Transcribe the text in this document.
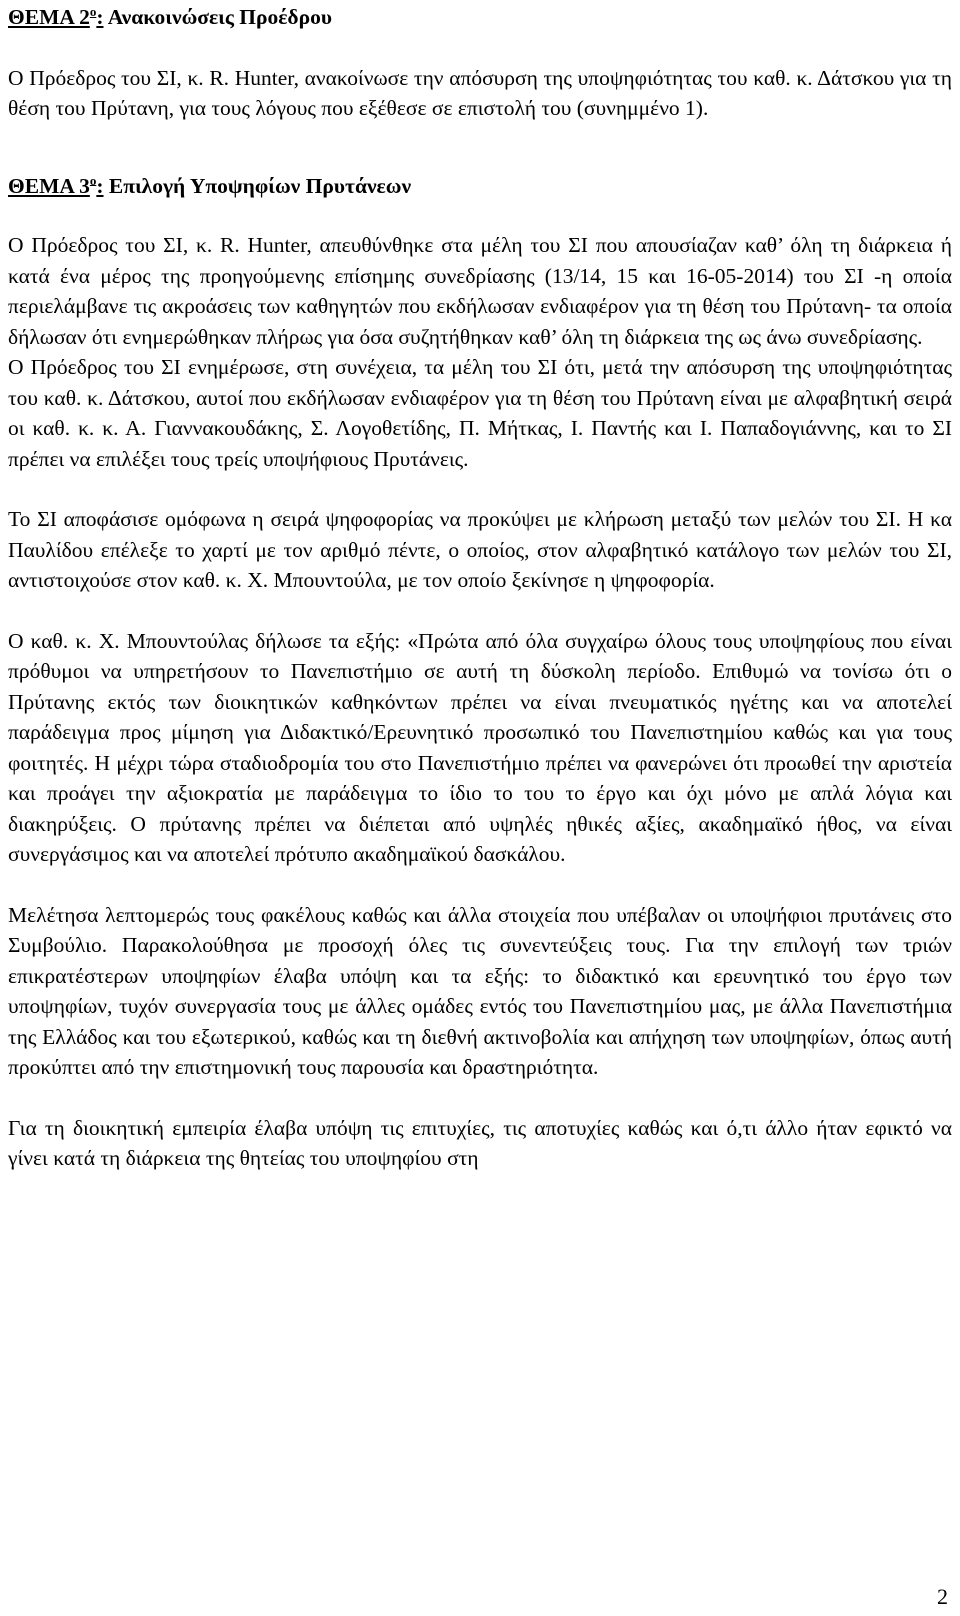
ΘΕΜΑ $2^o$: Ανακοινώσεις Προέδρου

Ο Πρόεδρος του ΣΙ, κ. R. Hunter, ανακοίνωσε την απόσυρση της υποψηφιότητας του καθ. κ. Δάτσκου για τη θέση του Πρύτανη, για τους λόγους που εξέθεσε σε επιστολή του (συνημμένο 1).

ΘΕΜΑ $3^o$: Επιλογή Υποψηφίων Πρυτάνεων

Ο Πρόεδρος του ΣΙ, κ. R. Hunter, απευθύνθηκε στα μέλη του ΣΙ που απουσίαζαν καθ’ όλη τη διάρκεια ή κατά ένα μέρος της προηγούμενης επίσημης συνεδρίασης (13/14, 15 και 16-05-2014) του ΣΙ -η οποία περιελάμβανε τις ακροάσεις των καθηγητών που εκδήλωσαν ενδιαφέρον για τη θέση του Πρύτανη- τα οποία δήλωσαν ότι ενημερώθηκαν πλήρως για όσα συζητήθηκαν καθ’ όλη τη διάρκεια της ως άνω συνεδρίασης.

Ο Πρόεδρος του ΣΙ ενημέρωσε, στη συνέχεια, τα μέλη του ΣΙ ότι, μετά την απόσυρση της υποψηφιότητας του καθ. κ. Δάτσκου, αυτοί που εκδήλωσαν ενδιαφέρον για τη θέση του Πρύτανη είναι με αλφαβητική σειρά οι καθ. κ. κ. Α. Γιαννακουδάκης, Σ. Λογοθετίδης, Π. Μήτκας, Ι. Παντής και Ι. Παπαδογιάννης, και το ΣΙ πρέπει να επιλέξει τους τρείς υποψήφιους Πρυτάνεις.

Το ΣΙ αποφάσισε ομόφωνα η σειρά ψηφοφορίας να προκύψει με κλήρωση μεταξύ των μελών του ΣΙ. Η κα Παυλίδου επέλεξε το χαρτί με τον αριθμό πέντε, ο οποίος, στον αλφαβητικό κατάλογο των μελών του ΣΙ, αντιστοιχούσε στον καθ. κ. Χ. Μπουντούλα, με τον οποίο ξεκίνησε η ψηφοφορία.

Ο καθ. κ. Χ. Μπουντούλας δήλωσε τα εξής: «Πρώτα από όλα συγχαίρω όλους τους υποψηφίους που είναι πρόθυμοι να υπηρετήσουν το Πανεπιστήμιο σε αυτή τη δύσκολη περίοδο. Επιθυμώ να τονίσω ότι ο Πρύτανης εκτός των διοικητικών καθηκόντων πρέπει να είναι πνευματικός ηγέτης και να αποτελεί παράδειγμα προς μίμηση για Διδακτικό/Ερευνητικό προσωπικό του Πανεπιστημίου καθώς και για τους φοιτητές. Η μέχρι τώρα σταδιοδρομία του στο Πανεπιστήμιο πρέπει να φανερώνει ότι προωθεί την αριστεία και προάγει την αξιοκρατία με παράδειγμα το ίδιο το του το έργο και όχι μόνο με απλά λόγια και διακηρύξεις. Ο πρύτανης πρέπει να διέπεται από υψηλές ηθικές αξίες, ακαδημαϊκό ήθος, να είναι συνεργάσιμος και να αποτελεί πρότυπο ακαδημαϊκού δασκάλου.

Μελέτησα λεπτομερώς τους φακέλους καθώς και άλλα στοιχεία που υπέβαλαν οι υποψήφιοι πρυτάνεις στο Συμβούλιο. Παρακολούθησα με προσοχή όλες τις συνεντεύξεις τους. Για την επιλογή των τριών επικρατέστερων υποψηφίων έλαβα υπόψη και τα εξής: το διδακτικό και ερευνητικό του έργο των υποψηφίων, τυχόν συνεργασία τους με άλλες ομάδες εντός του Πανεπιστημίου μας, με άλλα Πανεπιστήμια της Ελλάδος και του εξωτερικού, καθώς και τη διεθνή ακτινοβολία και απήχηση των υποψηφίων, όπως αυτή προκύπτει από την επιστημονική τους παρουσία και δραστηριότητα.

Για τη διοικητική εμπειρία έλαβα υπόψη τις επιτυχίες, τις αποτυχίες καθώς και ό,τι άλλο ήταν εφικτό να γίνει κατά τη διάρκεια της θητείας του υποψηφίου στη

2
